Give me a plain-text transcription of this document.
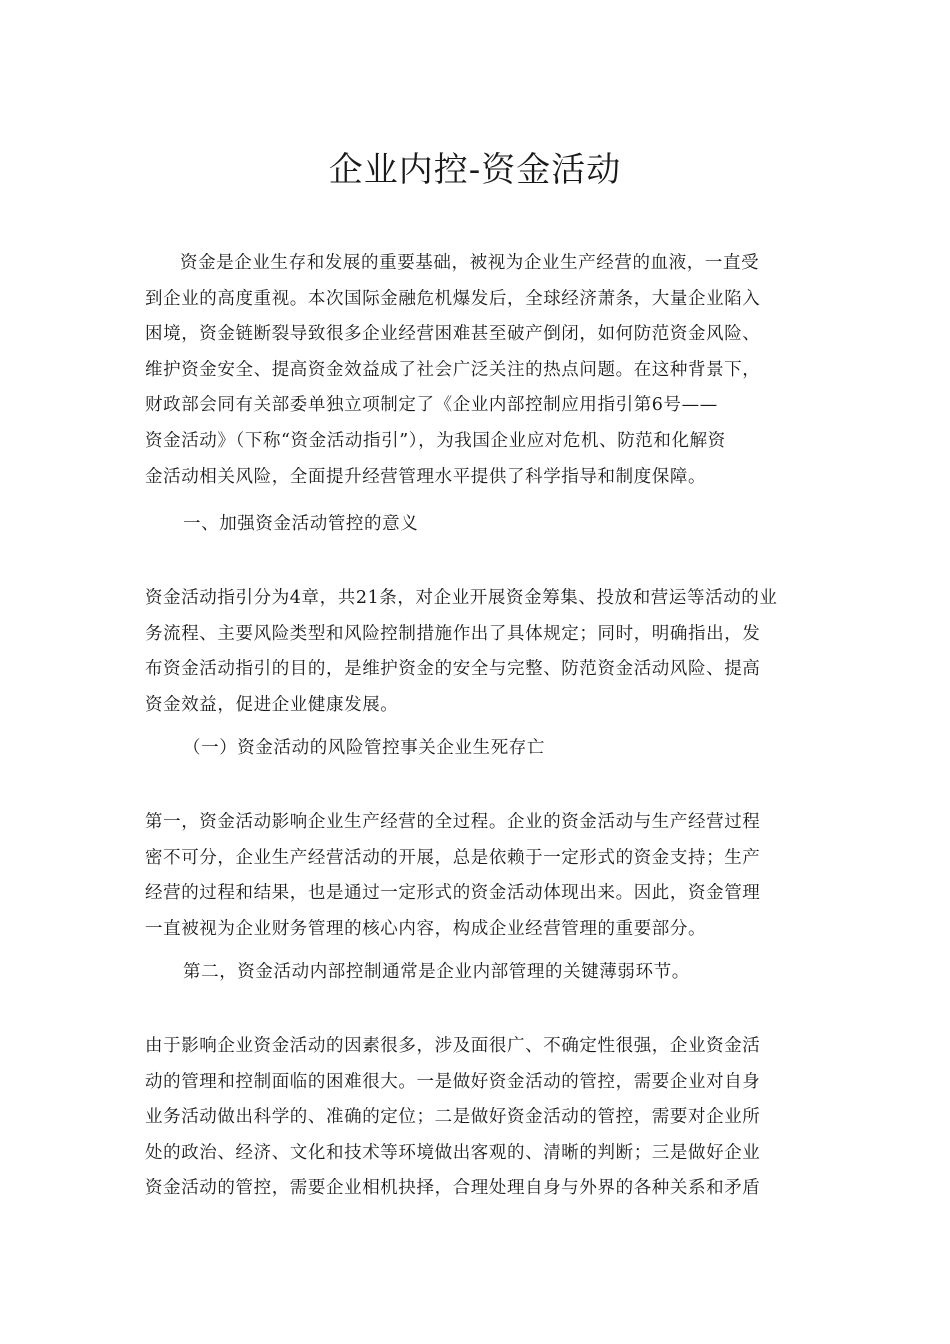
企业内控-资金活动

资金是企业生存和发展的重要基础，被视为企业生产经营的血液，一直受
到企业的高度重视。本次国际金融危机爆发后，全球经济萧条，大量企业陷入
困境，资金链断裂导致很多企业经营困难甚至破产倒闭，如何防范资金风险、
维护资金安全、提高资金效益成了社会广泛关注的热点问题。在这种背景下，
财政部会同有关部委单独立项制定了《企业内部控制应用指引第6号——
资金活动》（下称“资金活动指引”），为我国企业应对危机、防范和化解资
金活动相关风险，全面提升经营管理水平提供了科学指导和制度保障。

一、加强资金活动管控的意义

资金活动指引分为4章，共21条，对企业开展资金筹集、投放和营运等活动的业
务流程、主要风险类型和风险控制措施作出了具体规定；同时，明确指出，发
布资金活动指引的目的，是维护资金的安全与完整、防范资金活动风险、提高
资金效益，促进企业健康发展。

（一）资金活动的风险管控事关企业生死存亡

第一，资金活动影响企业生产经营的全过程。企业的资金活动与生产经营过程
密不可分，企业生产经营活动的开展，总是依赖于一定形式的资金支持；生产
经营的过程和结果，也是通过一定形式的资金活动体现出来。因此，资金管理
一直被视为企业财务管理的核心内容，构成企业经营管理的重要部分。

第二，资金活动内部控制通常是企业内部管理的关键薄弱环节。

由于影响企业资金活动的因素很多，涉及面很广、不确定性很强，企业资金活
动的管理和控制面临的困难很大。一是做好资金活动的管控，需要企业对自身
业务活动做出科学的、准确的定位；二是做好资金活动的管控，需要对企业所
处的政治、经济、文化和技术等环境做出客观的、清晰的判断；三是做好企业
资金活动的管控，需要企业相机抉择，合理处理自身与外界的各种关系和矛盾
